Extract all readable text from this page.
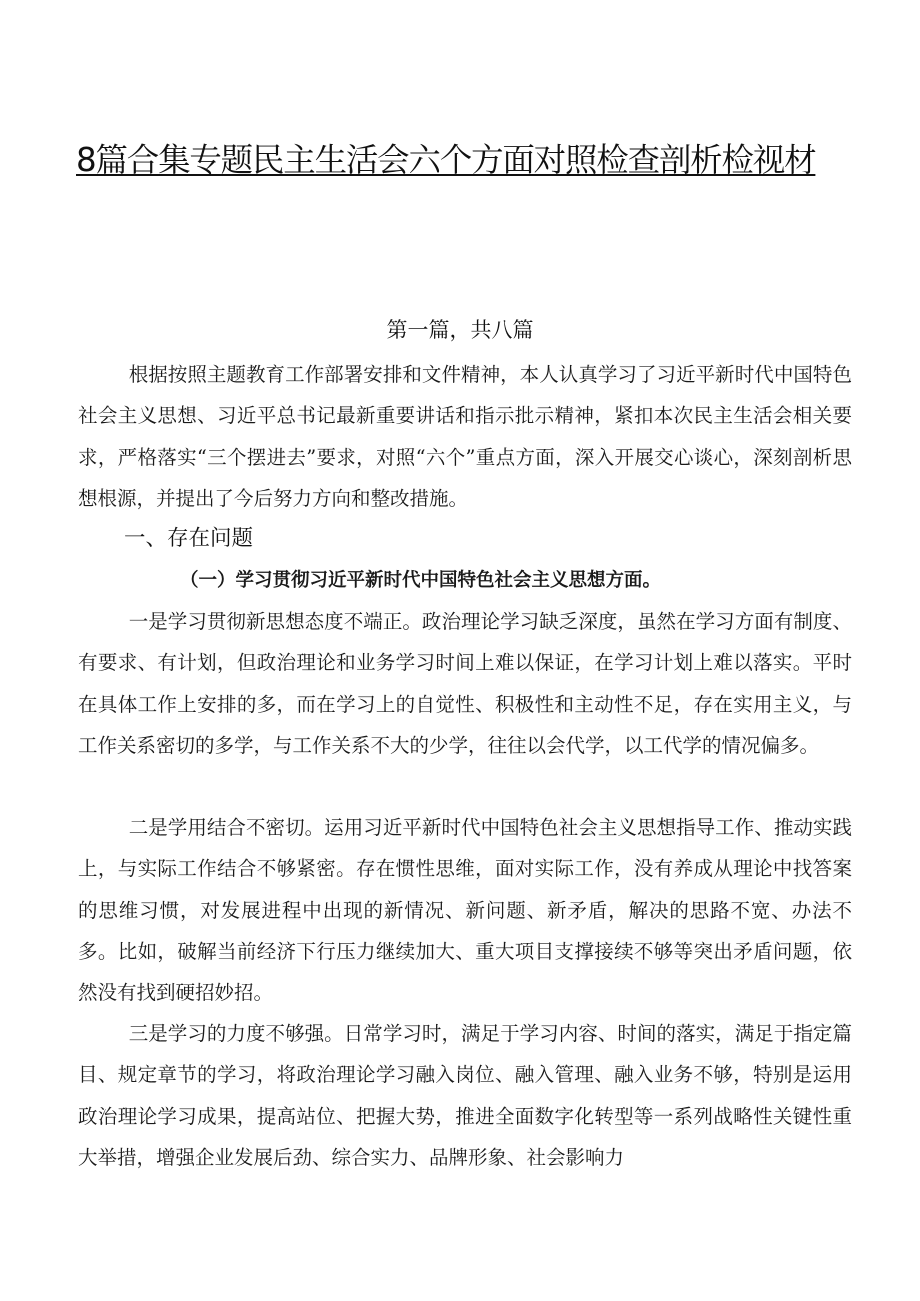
8篇合集专题民主生活会六个方面对照检查剖析检视材
第一篇，共八篇

根据按照主题教育工作部署安排和文件精神，本人认真学习了习近平新时代中国特色社会主义思想、习近平总书记最新重要讲话和指示批示精神，紧扣本次民主生活会相关要求，严格落实“三个摆进去”要求，对照“六个”重点方面，深入开展交心谈心，深刻剖析思想根源，并提出了今后努力方向和整改措施。

一、存在问题
（一）学习贯彻习近平新时代中国特色社会主义思想方面。

一是学习贯彻新思想态度不端正。政治理论学习缺乏深度，虽然在学习方面有制度、有要求、有计划，但政治理论和业务学习时间上难以保证，在学习计划上难以落实。平时在具体工作上安排的多，而在学习上的自觉性、积极性和主动性不足，存在实用主义，与工作关系密切的多学，与工作关系不大的少学，往往以会代学，以工代学的情况偏多。

二是学用结合不密切。运用习近平新时代中国特色社会主义思想指导工作、推动实践上，与实际工作结合不够紧密。存在惯性思维，面对实际工作，没有养成从理论中找答案的思维习惯，对发展进程中出现的新情况、新问题、新矛盾，解决的思路不宽、办法不多。比如，破解当前经济下行压力继续加大、重大项目支撑接续不够等突出矛盾问题，依然没有找到硬招妙招。

三是学习的力度不够强。日常学习时，满足于学习内容、时间的落实，满足于指定篇目、规定章节的学习，将政治理论学习融入岗位、融入管理、融入业务不够，特别是运用政治理论学习成果，提高站位、把握大势，推进全面数字化转型等一系列战略性关键性重大举措，增强企业发展后劲、综合实力、品牌形象、社会影响力
